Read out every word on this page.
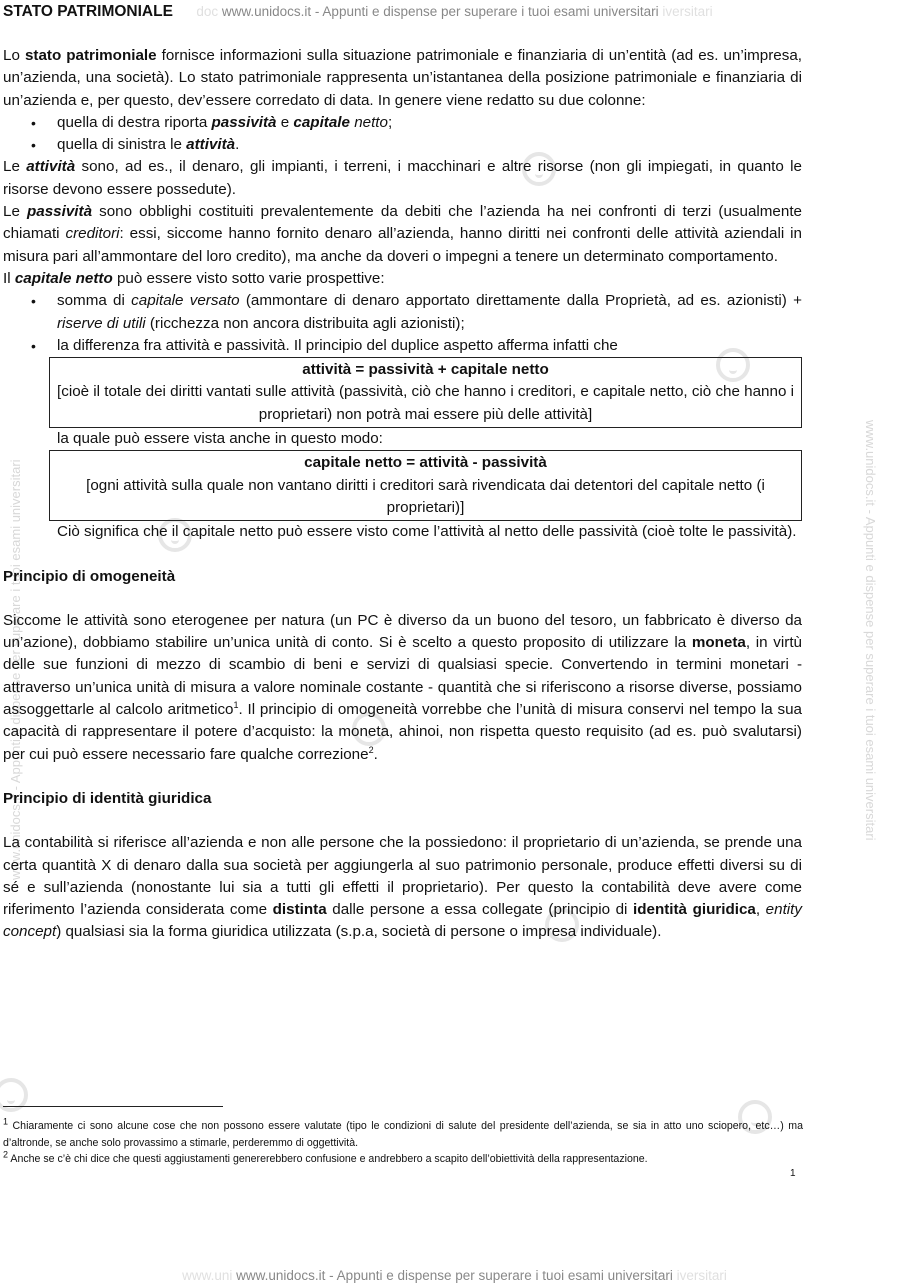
doc www.unidocs.it - Appunti e dispense per superare i tuoi esami universitari iversitari
www.unidocs.it - Appunti e dispense per superare i tuoi esami universitari
www.unidocs.it - Appunti e dispense per superare i tuoi esami universitari
STATO PATRIMONIALE

Lo stato patrimoniale fornisce informazioni sulla situazione patrimoniale e finanziaria di un’entità (ad es. un’impresa, un’azienda, una società). Lo stato patrimoniale rappresenta un’istantanea della posizione patrimoniale e finanziaria di un’azienda e, per questo, dev’essere corredato di data. In genere viene redatto su due colonne:

• quella di destra riporta passività e capitale netto;
• quella di sinistra le attività.

Le attività sono, ad es., il denaro, gli impianti, i terreni, i macchinari e altre risorse (non gli impiegati, in quanto le risorse devono essere possedute).

Le passività sono obblighi costituiti prevalentemente da debiti che l’azienda ha nei confronti di terzi (usualmente chiamati creditori: essi, siccome hanno fornito denaro all’azienda, hanno diritti nei confronti delle attività aziendali in misura pari all’ammontare del loro credito), ma anche da doveri o impegni a tenere un determinato comportamento.

Il capitale netto può essere visto sotto varie prospettive:

• somma di capitale versato (ammontare di denaro apportato direttamente dalla Proprietà, ad es. azionisti) + riserve di utili (ricchezza non ancora distribuita agli azionisti);
• la differenza fra attività e passività. Il principio del duplice aspetto afferma infatti che
attività = passività + capitale netto
[cioè il totale dei diritti vantati sulle attività (passività, ciò che hanno i creditori, e capitale netto, ciò che hanno i proprietari) non potrà mai essere più delle attività]
la quale può essere vista anche in questo modo:
capitale netto = attività - passività
[ogni attività sulla quale non vantano diritti i creditori sarà rivendicata dai detentori del capitale netto (i proprietari)]
Ciò significa che il capitale netto può essere visto come l’attività al netto delle passività (cioè tolte le passività).

Principio di omogeneità

Siccome le attività sono eterogenee per natura (un PC è diverso da un buono del tesoro, un fabbricato è diverso da un’azione), dobbiamo stabilire un’unica unità di conto. Si è scelto a questo proposito di utilizzare la moneta, in virtù delle sue funzioni di mezzo di scambio di beni e servizi di qualsiasi specie. Convertendo in termini monetari - attraverso un’unica unità di misura a valore nominale costante - quantità che si riferiscono a risorse diverse, possiamo assoggettarle al calcolo aritmetico$^1$. Il principio di omogeneità vorrebbe che l’unità di misura conservi nel tempo la sua capacità di rappresentare il potere d’acquisto: la moneta, ahinoi, non rispetta questo requisito (ad es. può svalutarsi) per cui può essere necessario fare qualche correzione$^2$.

Principio di identità giuridica

La contabilità si riferisce all’azienda e non alle persone che la possiedono: il proprietario di un’azienda, se prende una certa quantità X di denaro dalla sua società per aggiungerla al suo patrimonio personale, produce effetti diversi su di sé e sull’azienda (nonostante lui sia a tutti gli effetti il proprietario). Per questo la contabilità deve avere come riferimento l’azienda considerata come distinta dalle persone a essa collegate (principio di identità giuridica, entity concept) qualsiasi sia la forma giuridica utilizzata (s.p.a, società di persone o impresa individuale).

$^1$ Chiaramente ci sono alcune cose che non possono essere valutate (tipo le condizioni di salute del presidente dell’azienda, se sia in atto uno sciopero, etc…) ma d’altronde, se anche solo provassimo a stimarle, perderemmo di oggettività.
$^2$ Anche se c’è chi dice che questi aggiustamenti genererebbero confusione e andrebbero a scapito dell’obiettività della rappresentazione.
1
www.uni www.unidocs.it - Appunti e dispense per superare i tuoi esami universitari iversitari
